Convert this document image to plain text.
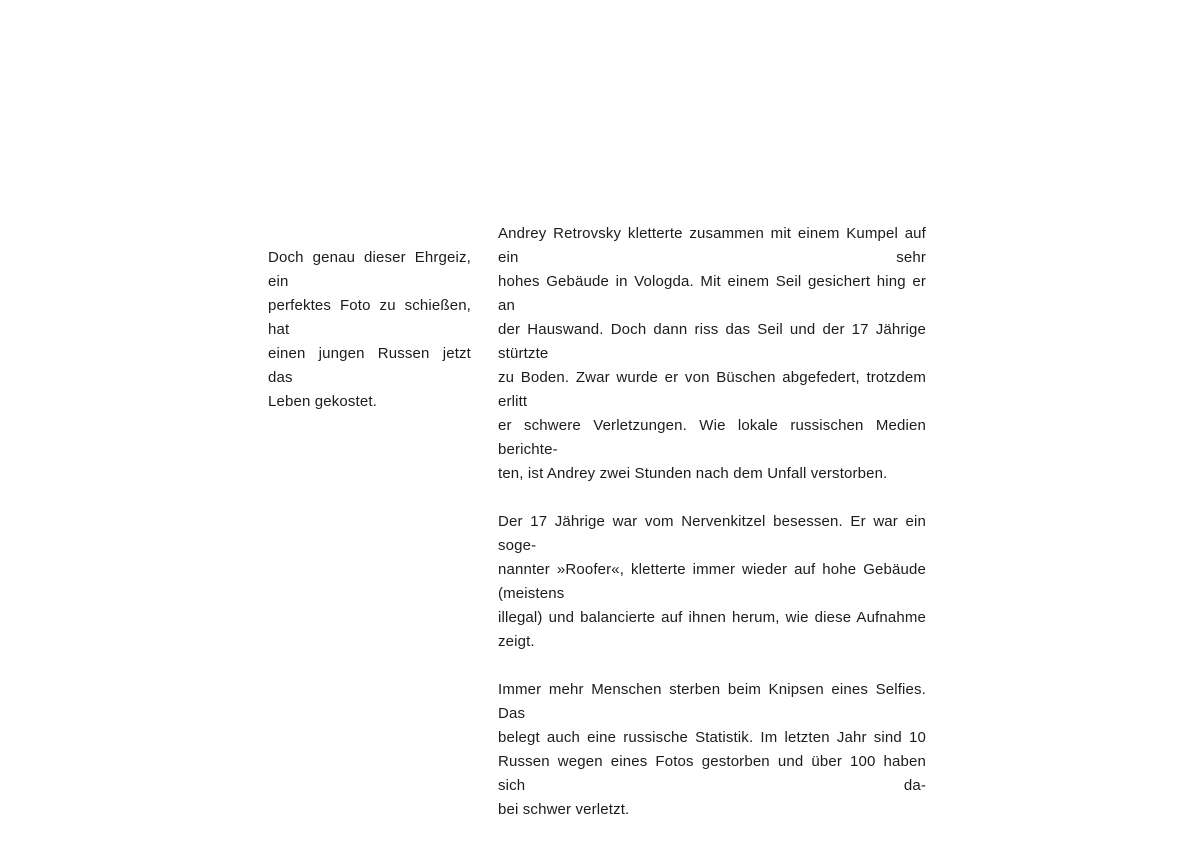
Doch genau dieser Ehrgeiz, ein
perfektes Foto zu schießen, hat
einen jungen Russen jetzt das
Leben gekostet.
Andrey Retrovsky kletterte zusammen mit einem Kumpel auf ein sehr
hohes Gebäude in Vologda. Mit einem Seil gesichert hing er an
der Hauswand. Doch dann riss das Seil und der 17 Jährige stürtzte
zu Boden. Zwar wurde er von Büschen abgefedert, trotzdem erlitt
er schwere Verletzungen. Wie lokale russischen Medien berichte-
ten, ist Andrey zwei Stunden nach dem Unfall verstorben.
Der 17 Jährige war vom Nervenkitzel besessen. Er war ein soge-
nannter »Roofer«, kletterte immer wieder auf hohe Gebäude (meistens
illegal) und balancierte auf ihnen herum, wie diese Aufnahme zeigt.
Immer mehr Menschen sterben beim Knipsen eines Selfies. Das
belegt auch eine russische Statistik. Im letzten Jahr sind 10
Russen wegen eines Fotos gestorben und über 100 haben sich da-
bei schwer verletzt.
